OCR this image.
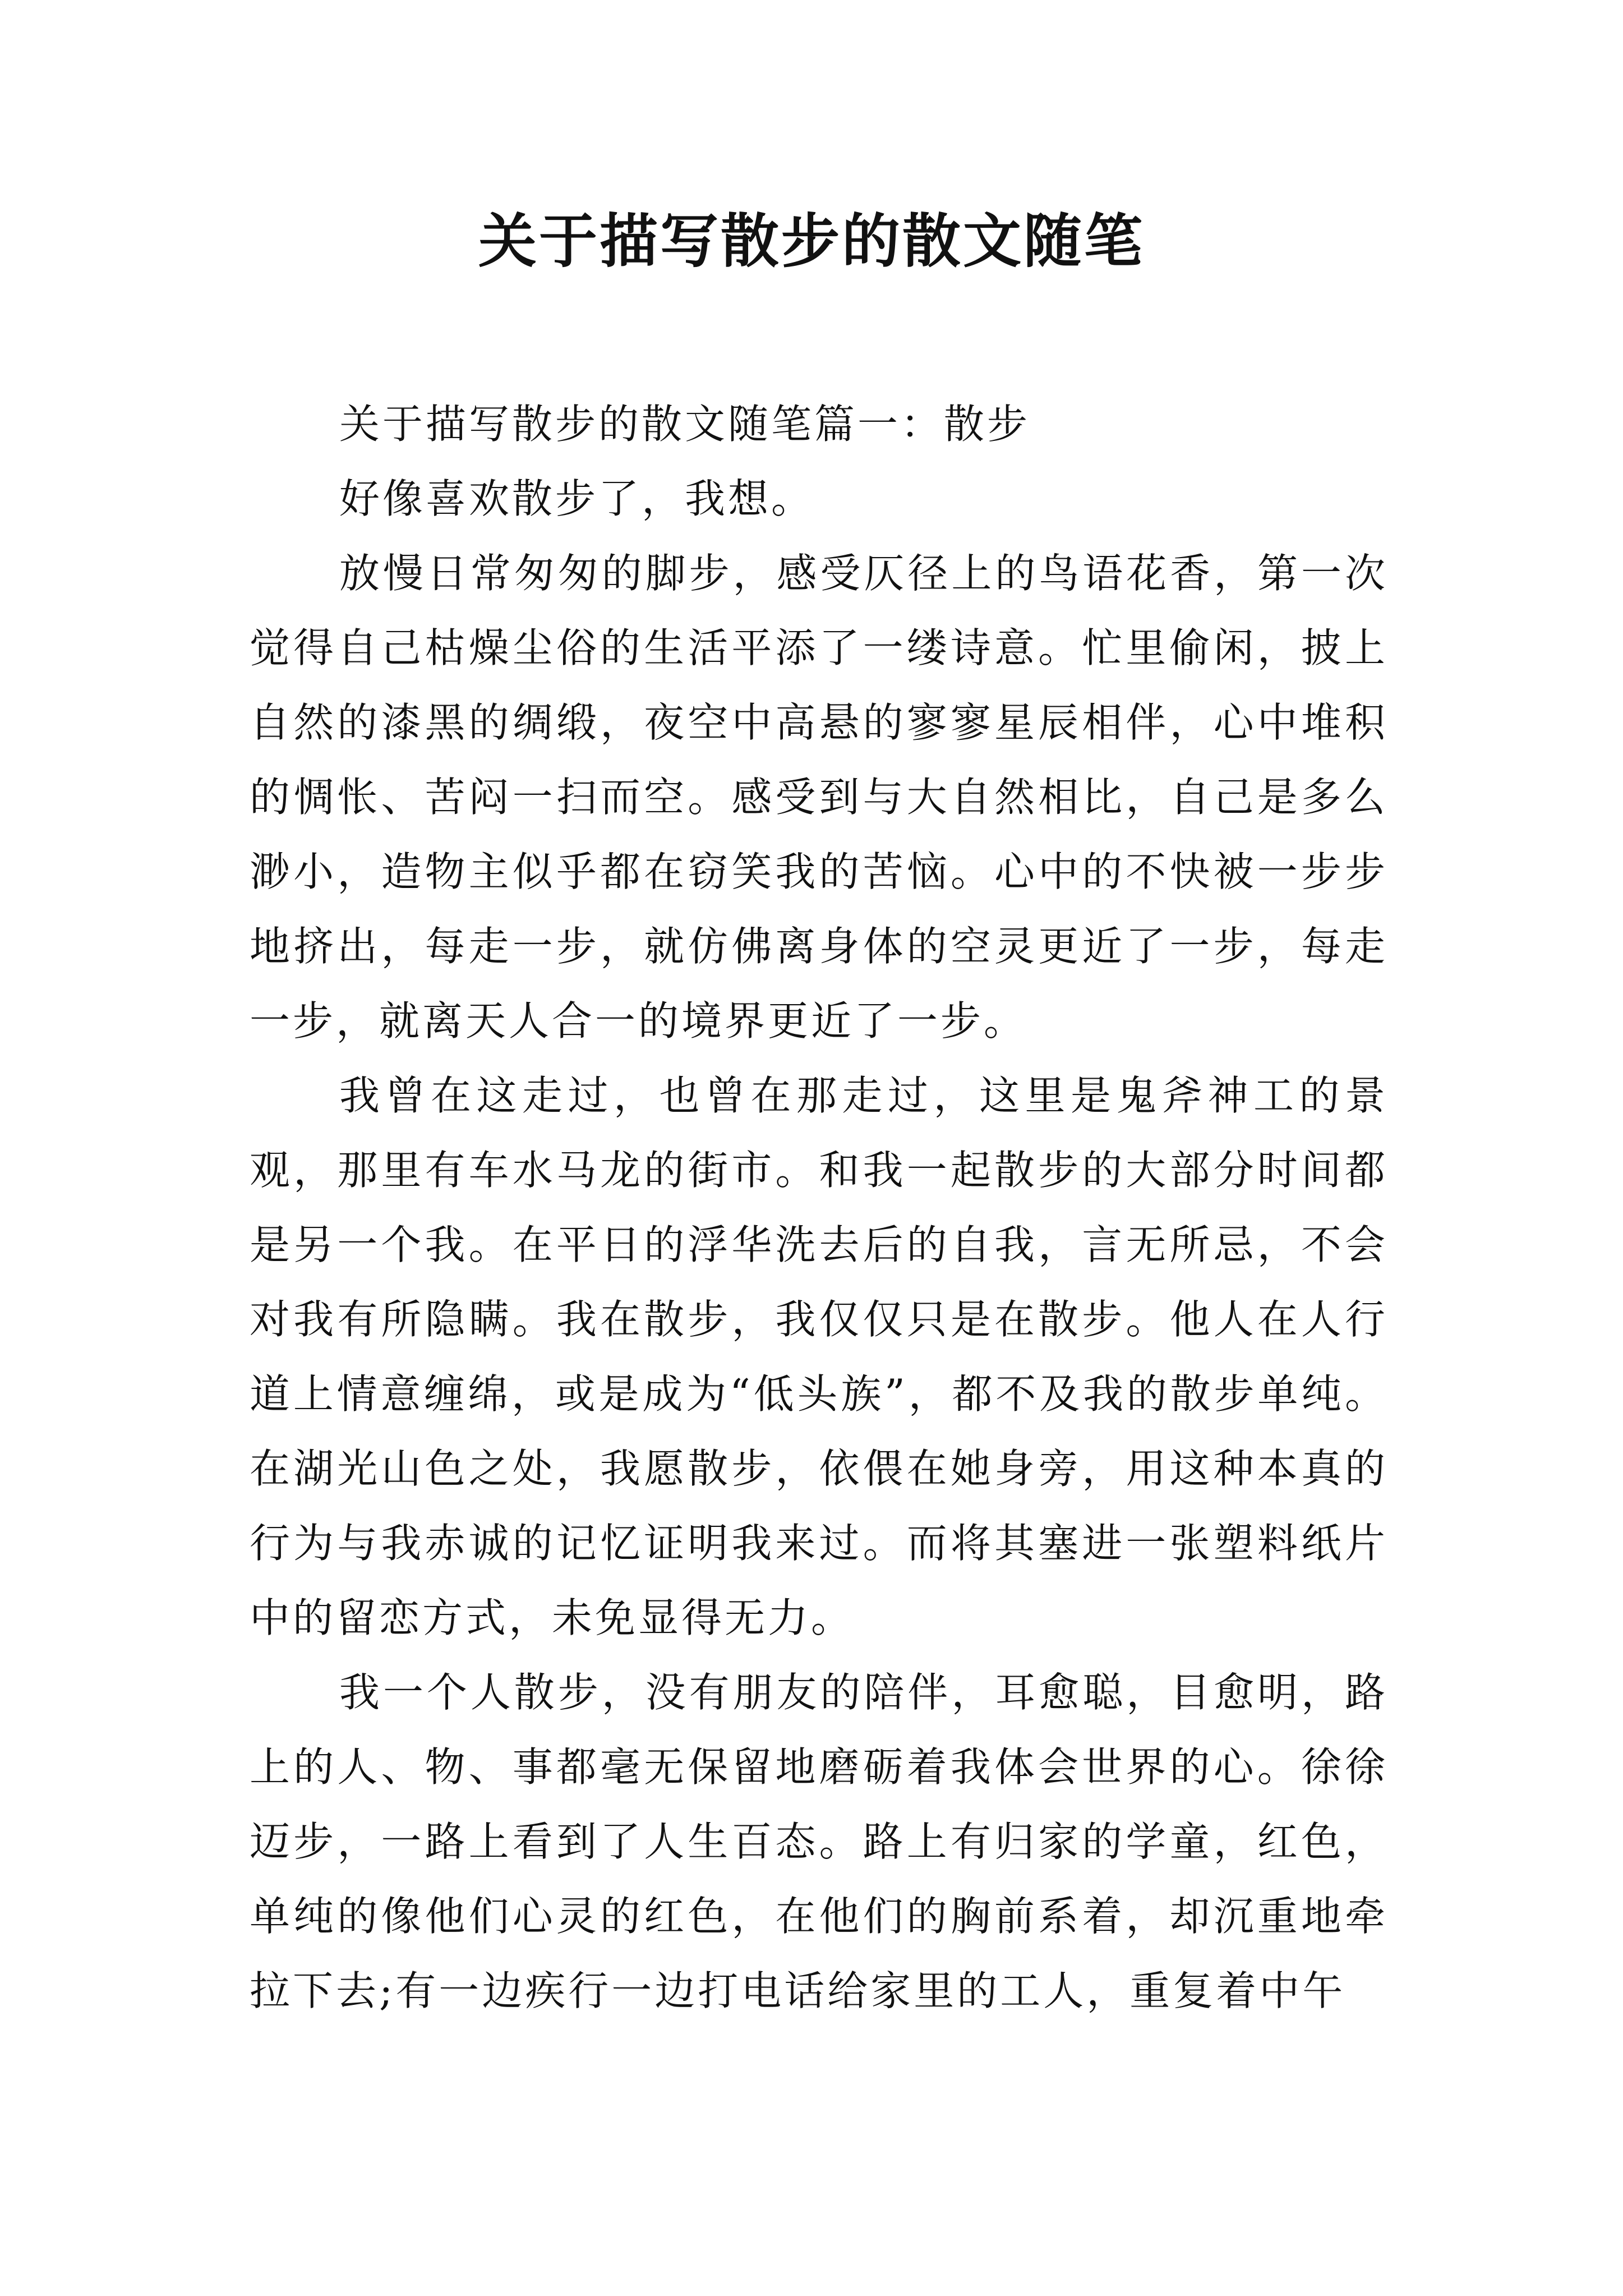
关于描写散步的散文随笔

关于描写散步的散文随笔篇一：散步

好像喜欢散步了，我想。

放慢日常匆匆的脚步，感受仄径上的鸟语花香，第一次觉得自己枯燥尘俗的生活平添了一缕诗意。忙里偷闲，披上自然的漆黑的绸缎，夜空中高悬的寥寥星辰相伴，心中堆积的惆怅、苦闷一扫而空。感受到与大自然相比，自己是多么渺小，造物主似乎都在窃笑我的苦恼。心中的不快被一步步地挤出，每走一步，就仿佛离身体的空灵更近了一步，每走一步，就离天人合一的境界更近了一步。

我曾在这走过，也曾在那走过，这里是鬼斧神工的景观，那里有车水马龙的街市。和我一起散步的大部分时间都是另一个我。在平日的浮华洗去后的自我，言无所忌，不会对我有所隐瞒。我在散步，我仅仅只是在散步。他人在人行道上情意缠绵，或是成为“低头族”，都不及我的散步单纯。在湖光山色之处，我愿散步，依偎在她身旁，用这种本真的行为与我赤诚的记忆证明我来过。而将其塞进一张塑料纸片中的留恋方式，未免显得无力。

我一个人散步，没有朋友的陪伴，耳愈聪，目愈明，路上的人、物、事都毫无保留地磨砺着我体会世界的心。徐徐迈步，一路上看到了人生百态。路上有归家的学童，红色，单纯的像他们心灵的红色，在他们的胸前系着，却沉重地牵拉下去;有一边疾行一边打电话给家里的工人，重复着中午
